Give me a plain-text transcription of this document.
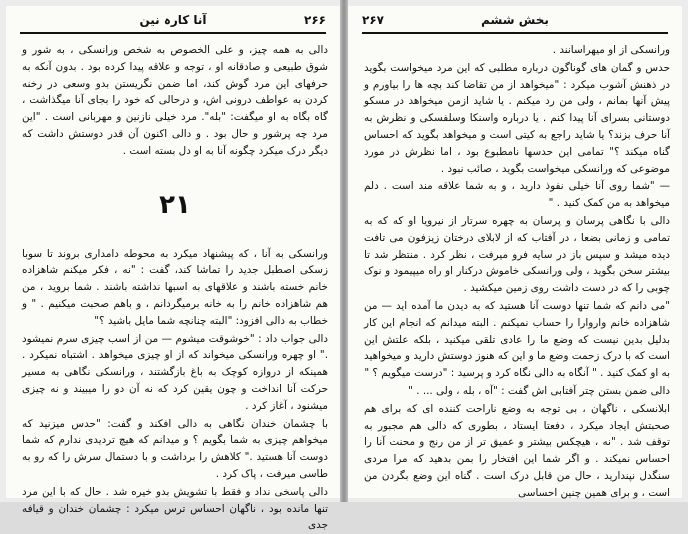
۲۶۶
آنا کارہ نین

دالی به همه چیز، و علی الخصوص به شخص ورانسکی ، به شور و شوق طبیعی و صادقانه او ، توجه و علاقه پیدا کرده بود . بدون آنکه به حرفهای این مرد گوش کند، اما ضمن نگریستن بدو وسعی در رخنه کردن به عواطف درونی اش، و درحالی که خود را بجای آنا میگذاشت ، گاه بگاه به او میگفت: "بله". مرد خیلی نازنین و مهربانی است . "این مرد چه پرشور و حال بود . و دالی اکنون آن قدر دوستش داشت که دیگر درک میکرد چگونه آنا به او دل بسته است .

۲۱

ورانسکی به آنا ، که پیشنهاد میکرد به محوطه دامداری بروند تا سوبا زسکی اصطبل جدید را تماشا کند، گفت : "نه ، فکر میکنم شاهزاده خانم خسته باشند و علاقهای به اسبها نداشته باشند . شما بروید ، من هم شاهزاده خانم را به خانه برمیگردانم ، و باهم صحبت میکنیم . " و خطاب به دالی افزود: "البته چنانچه شما مایل باشید ؟"

دالی جواب داد : "خوشوقت میشوم — من از اسب چیزی سرم نمیشود ." او چهره ورانسکی میخواند که از او چیزی میخواهد . اشتباه نمیکرد . همینکه از دروازه کوچک به باغ بازگشتند ، ورانسکی نگاهی به مسیر حرکت آنا انداخت و چون یقین کرد که نه آن دو را میبیند و نه چیزی میشنود ، آغاز کرد .

با چشمان خندان نگاهی به دالی افکند و گفت: "حدس میزنید که میخواهم چیزی به شما بگویم ؟ و میدانم که هیچ تردیدی ندارم که شما دوست آنا هستید ." کلاهش را برداشت و با دستمال سرش را که رو به طاسی میرفت ، پاک کرد .

دالی پاسخی نداد و فقط با تشویش بدو خیره شد . حال که با این مرد تنها مانده بود ، ناگهان احساس ترس میکرد : چشمان خندان و قیافه جدی

۲۶۷	بخش ششم

ورانسکی از او میهراسانند .

حدس و گمان های گوناگون درباره مطلبی که این مرد میخواست بگوید در ذهنش آشوب میکرد : "میخواهد از من تقاضا کند بچه ها را بیاورم و پیش آنها بمانم ، ولی من رد میکنم . یا شاید ازمن میخواهد در مسکو دوستانی بسرای آنا پیدا کنم . یا درباره واسنکا وسلفسکی و نظرش به آنا حرف بزند؟ یا شاید راجع به کیتی است و میخواهد بگوید که احساس گناه میکند ؟" تمامی این حدسها نامطبوع بود ، اما نظرش در مورد موضوعی که ورانسکی میخواست بگوید ، صائب نبود .

— "شما روی آنا خیلی نفوذ دارید ، و به شما علاقه مند است . دلم میخواهد به من کمک کنید . "

دالی با نگاهی پرسان و پرسان به چهره سرتار از نیرویا او که که به تمامی و زمانی بضعا ، در آفتاب که از لابلای درختان زیزفون می تافت دیده میشد و سپس باز در سایه فرو میرفت ، نظر کرد . منتظر شد تا بیشتر سخن بگوید ، ولی ورانسکی خاموش درکنار او راه میپیمود و نوک چوبی را که در دست داشت روی زمین میکشید .

"می دانم که شما تنها دوست آنا هستید که به دیدن ما آمده اید — من شاهزاده خانم واروارا را حساب نمیکنم . البته میدانم که انجام این کار بدلیل بدین نیست که وضع ما را عادی تلقی میکنید ، بلکه علتش این است که با درک زحمت وضع ما و این که هنوز دوستش دارید و میخواهید به او کمک کنید . " آنگاه به دالی نگاه کرد و پرسید : "درست میگویم ؟ "

دالی ضمن بستن چتر آفتابی اش گفت : "آه ، بله ، ولی ... . "

ابلانسکی ، ناگهان ، بی توجه به وضع ناراحت کننده ای که برای هم صحبتش ایجاد میکرد ، دفعتا ایستاد ، بطوری که دالی هم مجبور به توقف شد . "نه ، هیچکس بیشتر و عمیق تر از من رنج و محنت آنا را احساس نمیکند . و اگر شما این افتخار را بمن بدهید که مرا مردی سنگدل نپندارید ، حال من قابل درک است . گناه این وضع بگردن من است ، و برای همین چنین احساسی
